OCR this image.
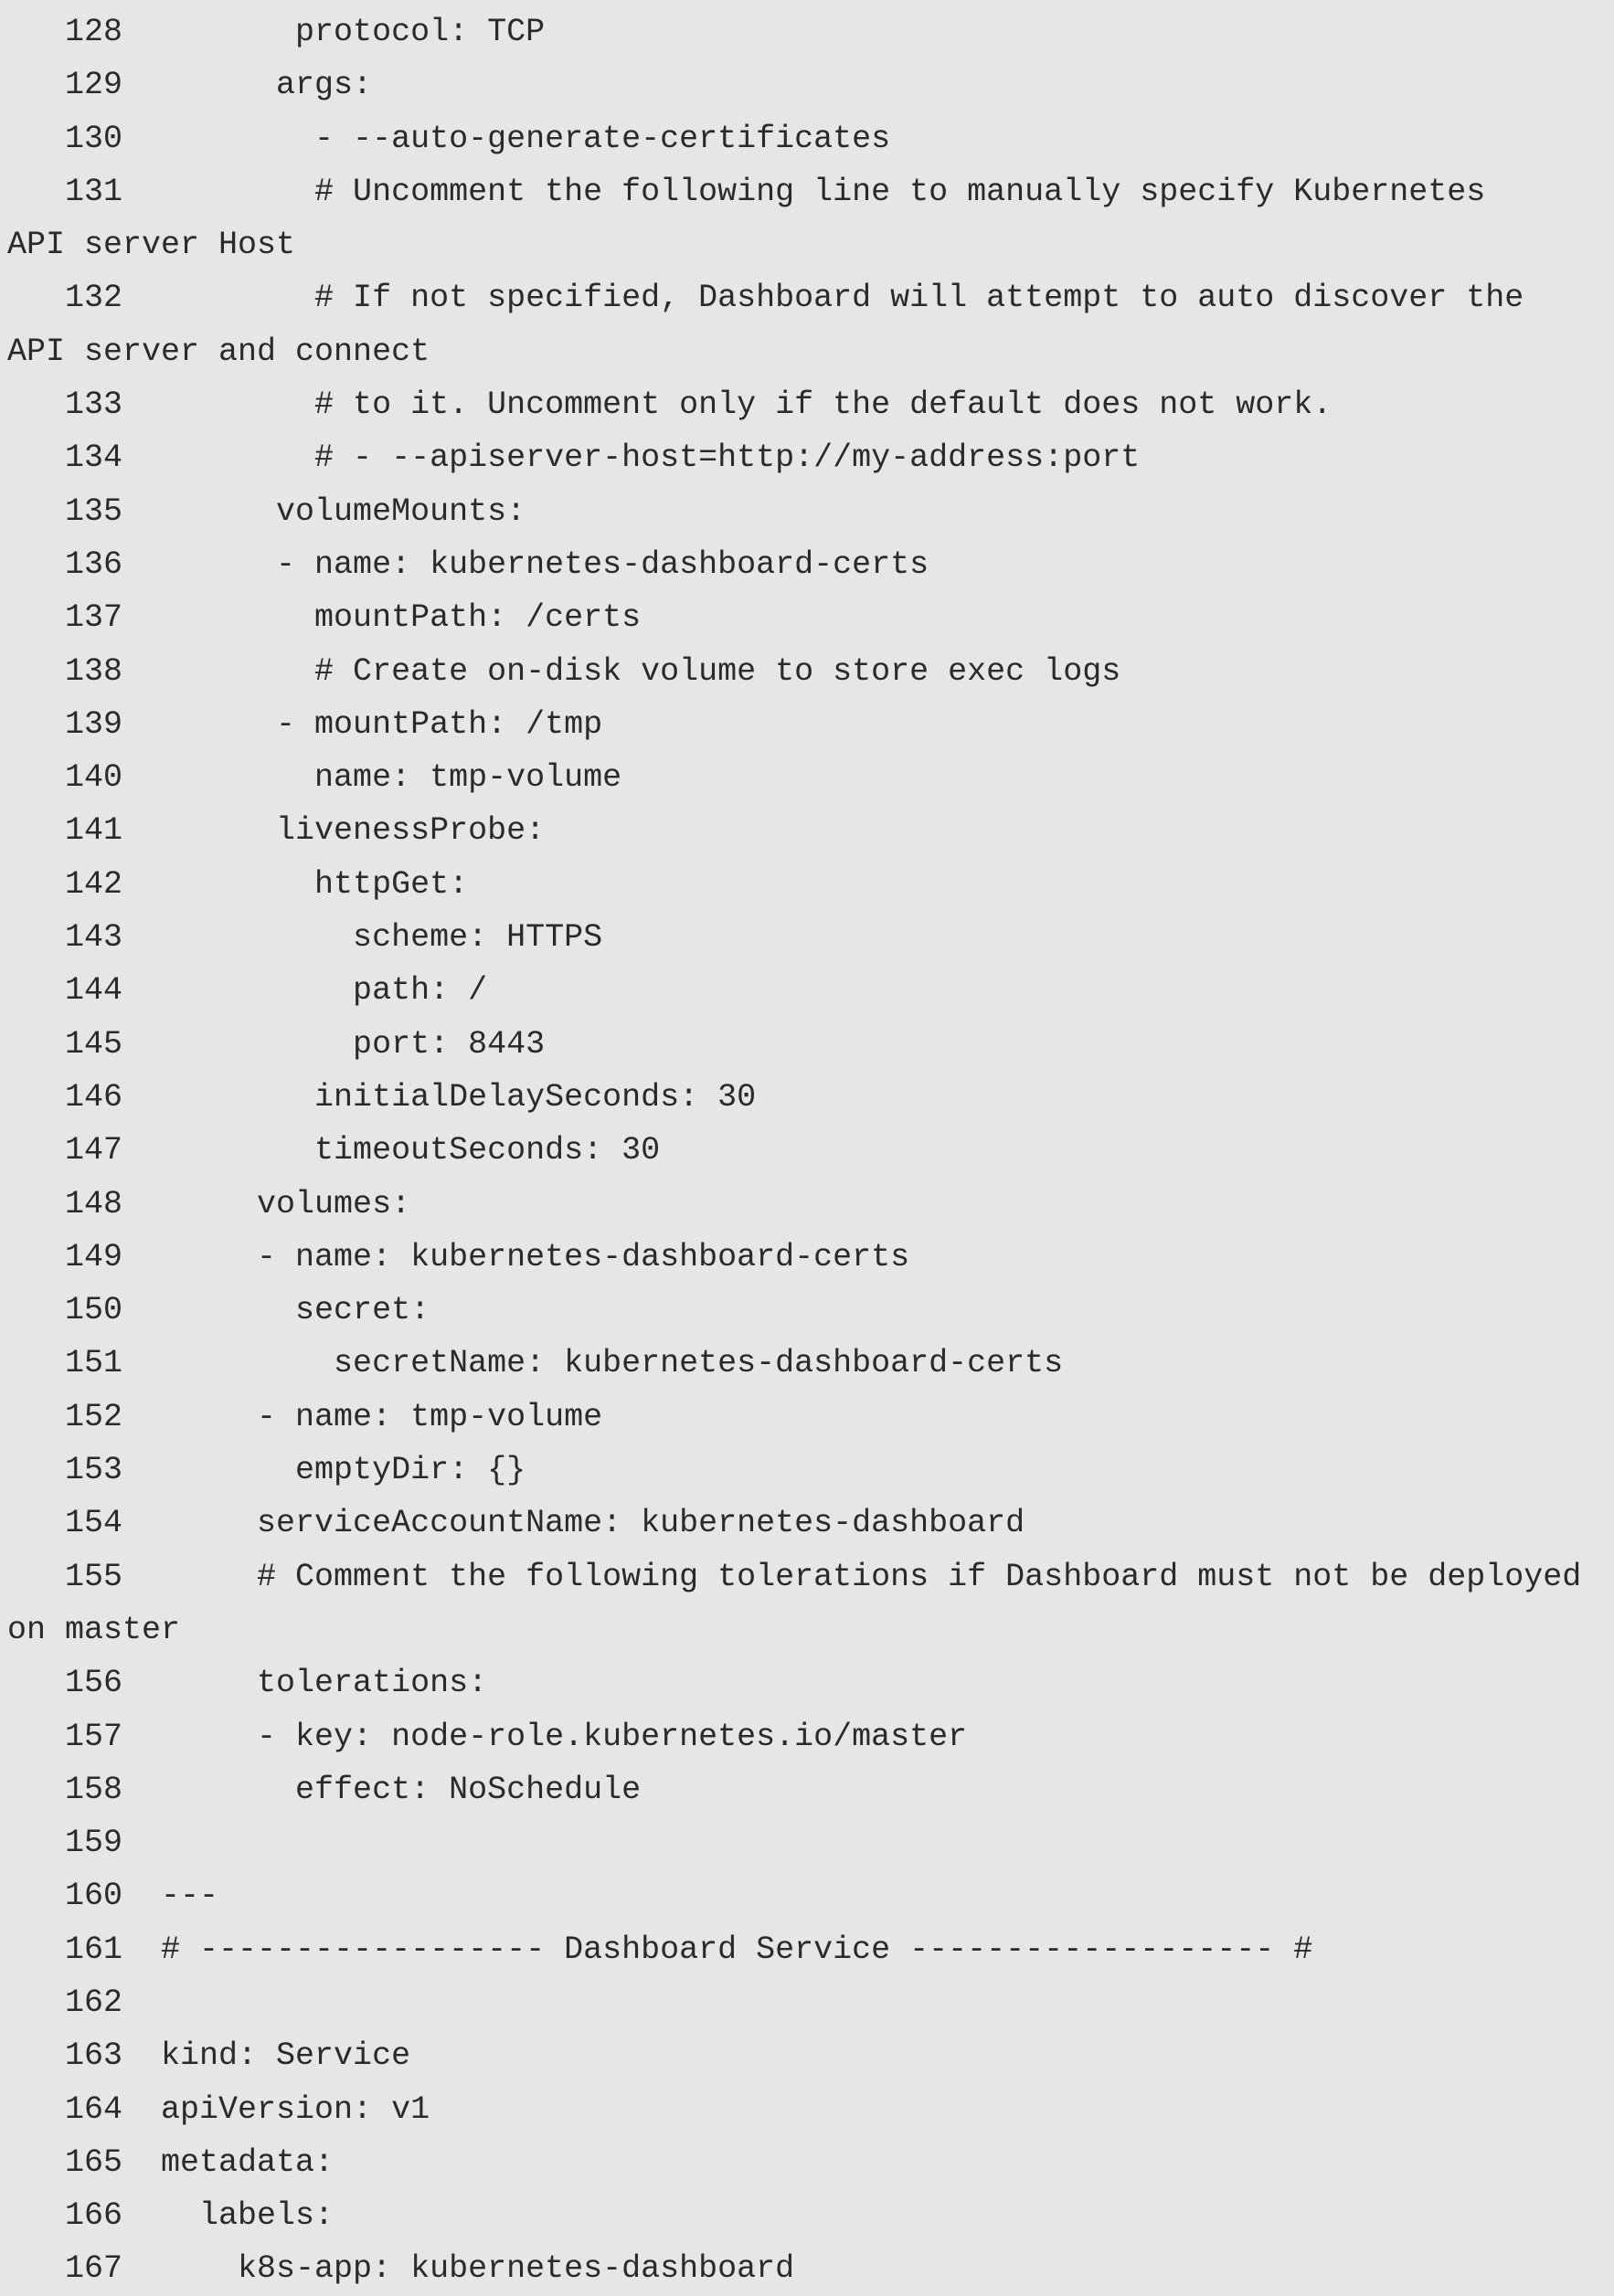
128         protocol: TCP
129        args:
130          - --auto-generate-certificates
131          # Uncomment the following line to manually specify Kubernetes
API server Host
132          # If not specified, Dashboard will attempt to auto discover the
API server and connect
133          # to it. Uncomment only if the default does not work.
134          # - --apiserver-host=http://my-address:port
135        volumeMounts:
136        - name: kubernetes-dashboard-certs
137          mountPath: /certs
138          # Create on-disk volume to store exec logs
139        - mountPath: /tmp
140          name: tmp-volume
141        livenessProbe:
142          httpGet:
143            scheme: HTTPS
144            path: /
145            port: 8443
146          initialDelaySeconds: 30
147          timeoutSeconds: 30
148       volumes:
149       - name: kubernetes-dashboard-certs
150         secret:
151           secretName: kubernetes-dashboard-certs
152       - name: tmp-volume
153         emptyDir: {}
154       serviceAccountName: kubernetes-dashboard
155       # Comment the following tolerations if Dashboard must not be deployed
on master
156       tolerations:
157       - key: node-role.kubernetes.io/master
158         effect: NoSchedule
159
160  ---
161  # ------------------ Dashboard Service ------------------- #
162
163  kind: Service
164  apiVersion: v1
165  metadata:
166    labels:
167      k8s-app: kubernetes-dashboard
